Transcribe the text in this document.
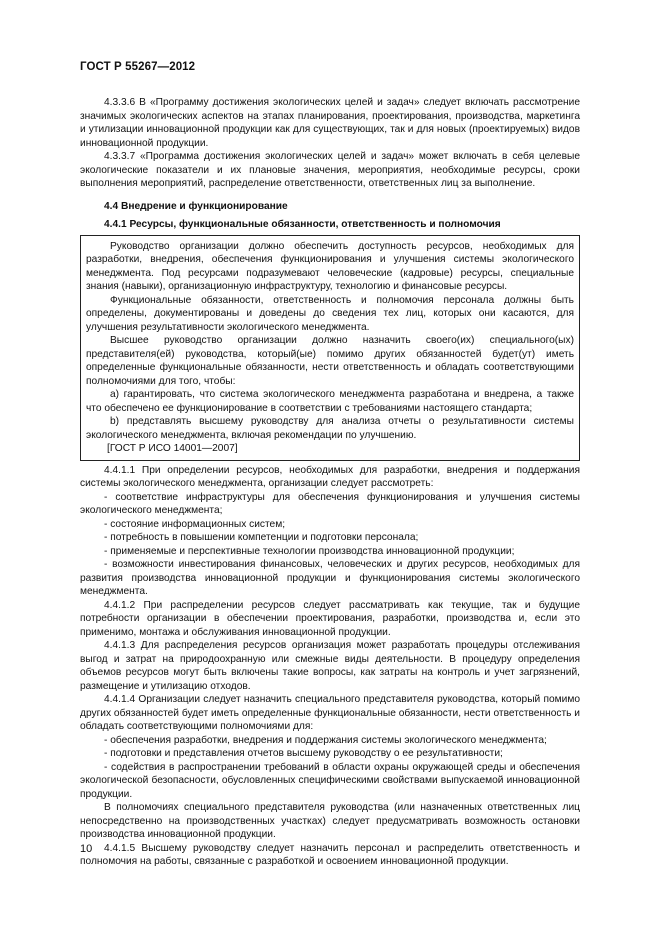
ГОСТ Р 55267—2012

4.3.3.6 В «Программу достижения экологических целей и задач» следует включать рассмотрение значимых экологических аспектов на этапах планирования, проектирования, производства, маркетинга и утилизации инновационной продукции как для существующих, так и для новых (проектируемых) видов инновационной продукции.

4.3.3.7 «Программа достижения экологических целей и задач» может включать в себя целевые экологические показатели и их плановые значения, мероприятия, необходимые ресурсы, сроки выполнения мероприятий, распределение ответственности, ответственных лиц за выполнение.

4.4 Внедрение и функционирование

4.4.1 Ресурсы, функциональные обязанности, ответственность и полномочия

Руководство организации должно обеспечить доступность ресурсов, необходимых для разработки, внедрения, обеспечения функционирования и улучшения системы экологического менеджмента. Под ресурсами подразумевают человеческие (кадровые) ресурсы, специальные знания (навыки), организационную инфраструктуру, технологию и финансовые ресурсы.

Функциональные обязанности, ответственность и полномочия персонала должны быть определены, документированы и доведены до сведения тех лиц, которых они касаются, для улучшения результативности экологического менеджмента.

Высшее руководство организации должно назначить своего(их) специального(ых) представителя(ей) руководства, который(ые) помимо других обязанностей будет(ут) иметь определенные функциональные обязанности, нести ответственность и обладать соответствующими полномочиями для того, чтобы:

a) гарантировать, что система экологического менеджмента разработана и внедрена, а также что обеспечено ее функционирование в соответствии с требованиями настоящего стандарта;

b) представлять высшему руководству для анализа отчеты о результативности системы экологического менеджмента, включая рекомендации по улучшению.

[ГОСТ Р ИСО 14001—2007]

4.4.1.1 При определении ресурсов, необходимых для разработки, внедрения и поддержания системы экологического менеджмента, организации следует рассмотреть:

- соответствие инфраструктуры для обеспечения функционирования и улучшения системы экологического менеджмента;

- состояние информационных систем;

- потребность в повышении компетенции и подготовки персонала;

- применяемые и перспективные технологии производства инновационной продукции;

- возможности инвестирования финансовых, человеческих и других ресурсов, необходимых для развития производства инновационной продукции и функционирования системы экологического менеджмента.

4.4.1.2 При распределении ресурсов следует рассматривать как текущие, так и будущие потребности организации в обеспечении проектирования, разработки, производства и, если это применимо, монтажа и обслуживания инновационной продукции.

4.4.1.3 Для распределения ресурсов организация может разработать процедуры отслеживания выгод и затрат на природоохранную или смежные виды деятельности. В процедуру определения объемов ресурсов могут быть включены такие вопросы, как затраты на контроль и учет загрязнений, размещение и утилизацию отходов.

4.4.1.4 Организации следует назначить специального представителя руководства, который помимо других обязанностей будет иметь определенные функциональные обязанности, нести ответственность и обладать соответствующими полномочиями для:

- обеспечения разработки, внедрения и поддержания системы экологического менеджмента;

- подготовки и представления отчетов высшему руководству о ее результативности;

- содействия в распространении требований в области охраны окружающей среды и обеспечения экологической безопасности, обусловленных специфическими свойствами выпускаемой инновационной продукции.

В полномочиях специального представителя руководства (или назначенных ответственных лиц непосредственно на производственных участках) следует предусматривать возможность остановки производства инновационной продукции.

4.4.1.5 Высшему руководству следует назначить персонал и распределить ответственность и полномочия на работы, связанные с разработкой и освоением инновационной продукции.

10
